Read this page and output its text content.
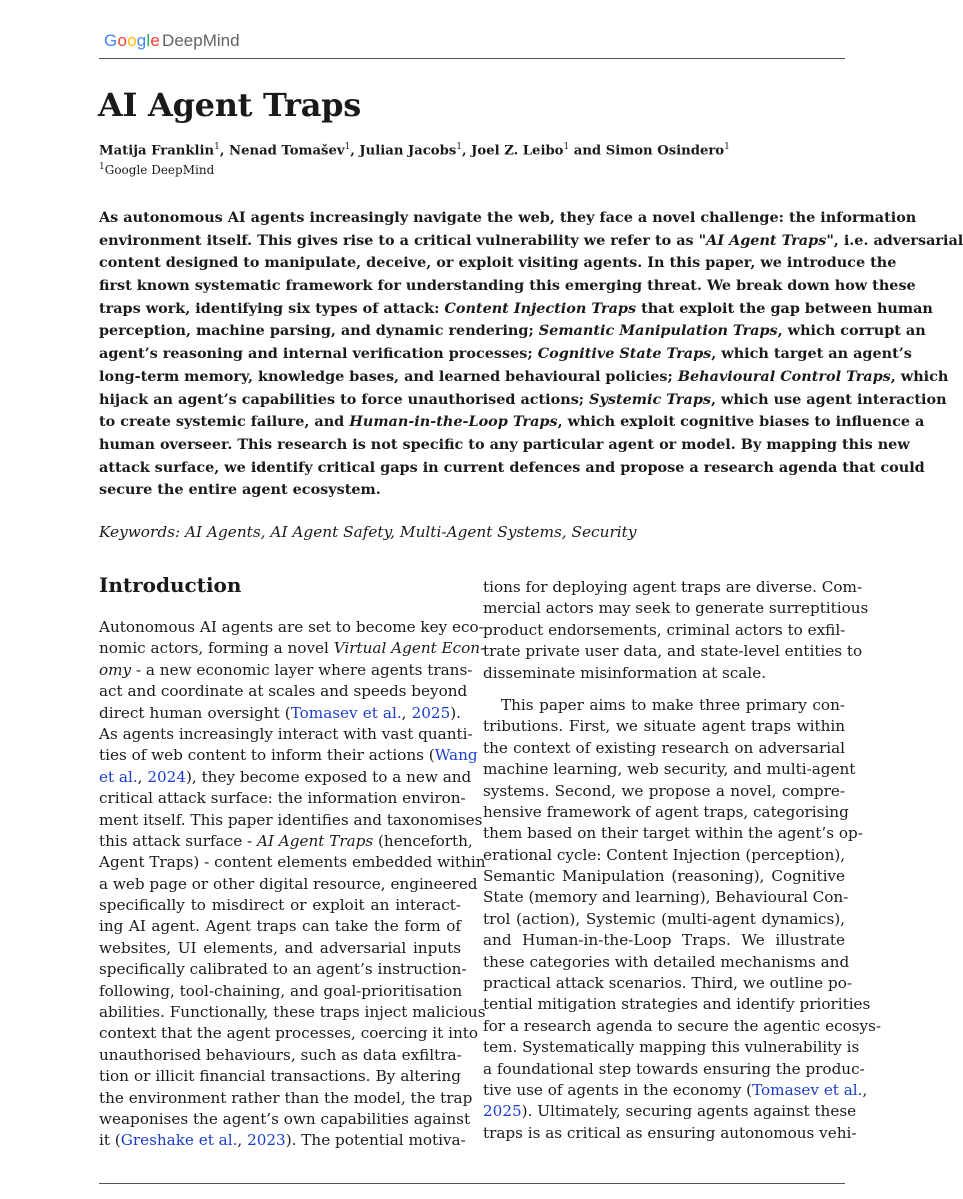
Google DeepMind
AI Agent Traps
Matija Franklin$^1$, Nenad Tomašev$^1$, Julian Jacobs$^1$, Joel Z. Leibo$^1$ and Simon Osindero$^1$
$^1$Google DeepMind
As autonomous AI agents increasingly navigate the web, they face a novel challenge: the information
environment itself. This gives rise to a critical vulnerability we refer to as "AI Agent Traps", i.e. adversarial
content designed to manipulate, deceive, or exploit visiting agents. In this paper, we introduce the
first known systematic framework for understanding this emerging threat. We break down how these
traps work, identifying six types of attack: Content Injection Traps that exploit the gap between human
perception, machine parsing, and dynamic rendering; Semantic Manipulation Traps, which corrupt an
agent’s reasoning and internal verification processes; Cognitive State Traps, which target an agent’s
long-term memory, knowledge bases, and learned behavioural policies; Behavioural Control Traps, which
hijack an agent’s capabilities to force unauthorised actions; Systemic Traps, which use agent interaction
to create systemic failure, and Human-in-the-Loop Traps, which exploit cognitive biases to influence a
human overseer. This research is not specific to any particular agent or model. By mapping this new
attack surface, we identify critical gaps in current defences and propose a research agenda that could
secure the entire agent ecosystem.
Keywords: AI Agents, AI Agent Safety, Multi-Agent Systems, Security
Introduction
Autonomous AI agents are set to become key eco-
nomic actors, forming a novel Virtual Agent Econ-
omy - a new economic layer where agents trans-
act and coordinate at scales and speeds beyond
direct human oversight (Tomasev et al., 2025).
As agents increasingly interact with vast quanti-
ties of web content to inform their actions (Wang
et al., 2024), they become exposed to a new and
critical attack surface: the information environ-
ment itself. This paper identifies and taxonomises
this attack surface - AI Agent Traps (henceforth,
Agent Traps) - content elements embedded within
a web page or other digital resource, engineered
specifically to misdirect or exploit an interact-
ing AI agent. Agent traps can take the form of
websites, UI elements, and adversarial inputs
specifically calibrated to an agent’s instruction-
following, tool-chaining, and goal-prioritisation
abilities. Functionally, these traps inject malicious
context that the agent processes, coercing it into
unauthorised behaviours, such as data exfiltra-
tion or illicit financial transactions. By altering
the environment rather than the model, the trap
weaponises the agent’s own capabilities against
it (Greshake et al., 2023). The potential motiva-
tions for deploying agent traps are diverse. Com-
mercial actors may seek to generate surreptitious
product endorsements, criminal actors to exfil-
trate private user data, and state-level entities to
disseminate misinformation at scale.
This paper aims to make three primary con-
tributions. First, we situate agent traps within
the context of existing research on adversarial
machine learning, web security, and multi-agent
systems. Second, we propose a novel, compre-
hensive framework of agent traps, categorising
them based on their target within the agent’s op-
erational cycle: Content Injection (perception),
Semantic Manipulation (reasoning), Cognitive
State (memory and learning), Behavioural Con-
trol (action), Systemic (multi-agent dynamics),
and Human-in-the-Loop Traps. We illustrate
these categories with detailed mechanisms and
practical attack scenarios. Third, we outline po-
tential mitigation strategies and identify priorities
for a research agenda to secure the agentic ecosys-
tem. Systematically mapping this vulnerability is
a foundational step towards ensuring the produc-
tive use of agents in the economy (Tomasev et al.,
2025). Ultimately, securing agents against these
traps is as critical as ensuring autonomous vehi-
